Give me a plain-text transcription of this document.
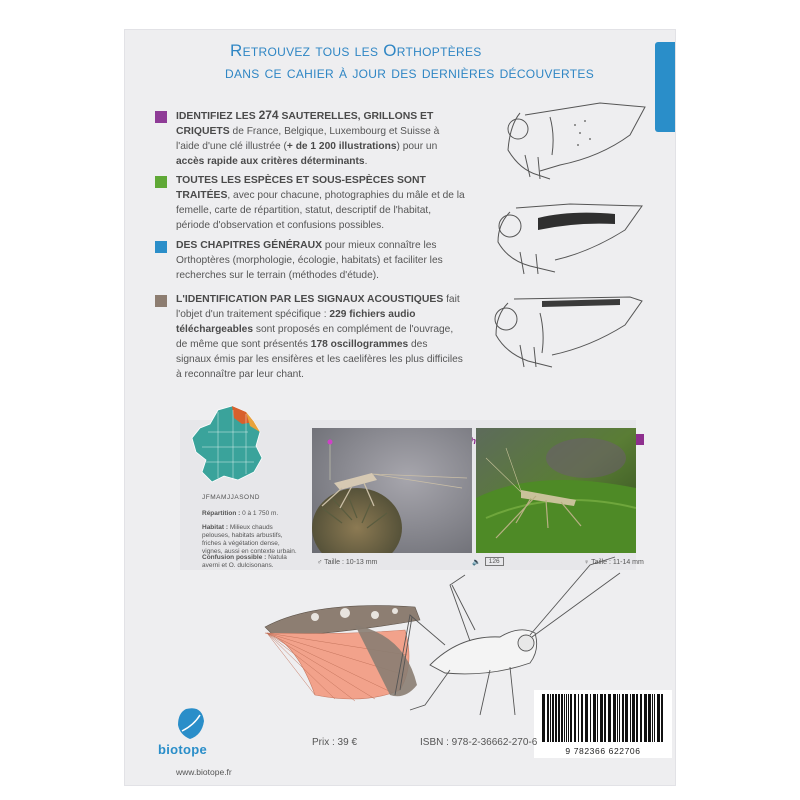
Retrouvez tous les Orthoptères
dans ce cahier à jour des dernières découvertes
IDENTIFIEZ LES 274 SAUTERELLES, GRILLONS ET CRIQUETS de France, Belgique, Luxembourg et Suisse à l'aide d'une clé illustrée (+ de 1 200 illustrations) pour un accès rapide aux critères déterminants.
TOUTES LES ESPÈCES ET SOUS-ESPÈCES SONT TRAITÉES, avec pour chacune, photographies du mâle et de la femelle, carte de répartition, statut, descriptif de l'habitat, période d'observation et confusions possibles.
DES CHAPITRES GÉNÉRAUX pour mieux connaître les Orthoptères (morphologie, écologie, habitats) et faciliter les recherches sur le terrain (méthodes d'étude).
L'IDENTIFICATION PAR LES SIGNAUX ACOUSTIQUES fait l'objet d'un traitement spécifique : 229 fichiers audio téléchargeables sont proposés en complément de l'ouvrage, de même que sont présentés 178 oscillogrammes des signaux émis par les ensifères et les caelifères les plus difficiles à reconnaître par leur chant.
JFMAMJJASOND
Répartition : 0 à 1 750 m.
Habitat : Milieux chauds pelouses, habitats arbustifs, friches à végétation dense, vignes, aussi en contexte urbain.
Confusion possible : Natula averni et O. dulcisonans.	♂ Taille : 10-13 mm	🔈	126	♀ Taille : 11-14 mm
9 782366 622706
Prix : 39 €	ISBN : 978-2-36662-270-6
biotope
www.biotope.fr
